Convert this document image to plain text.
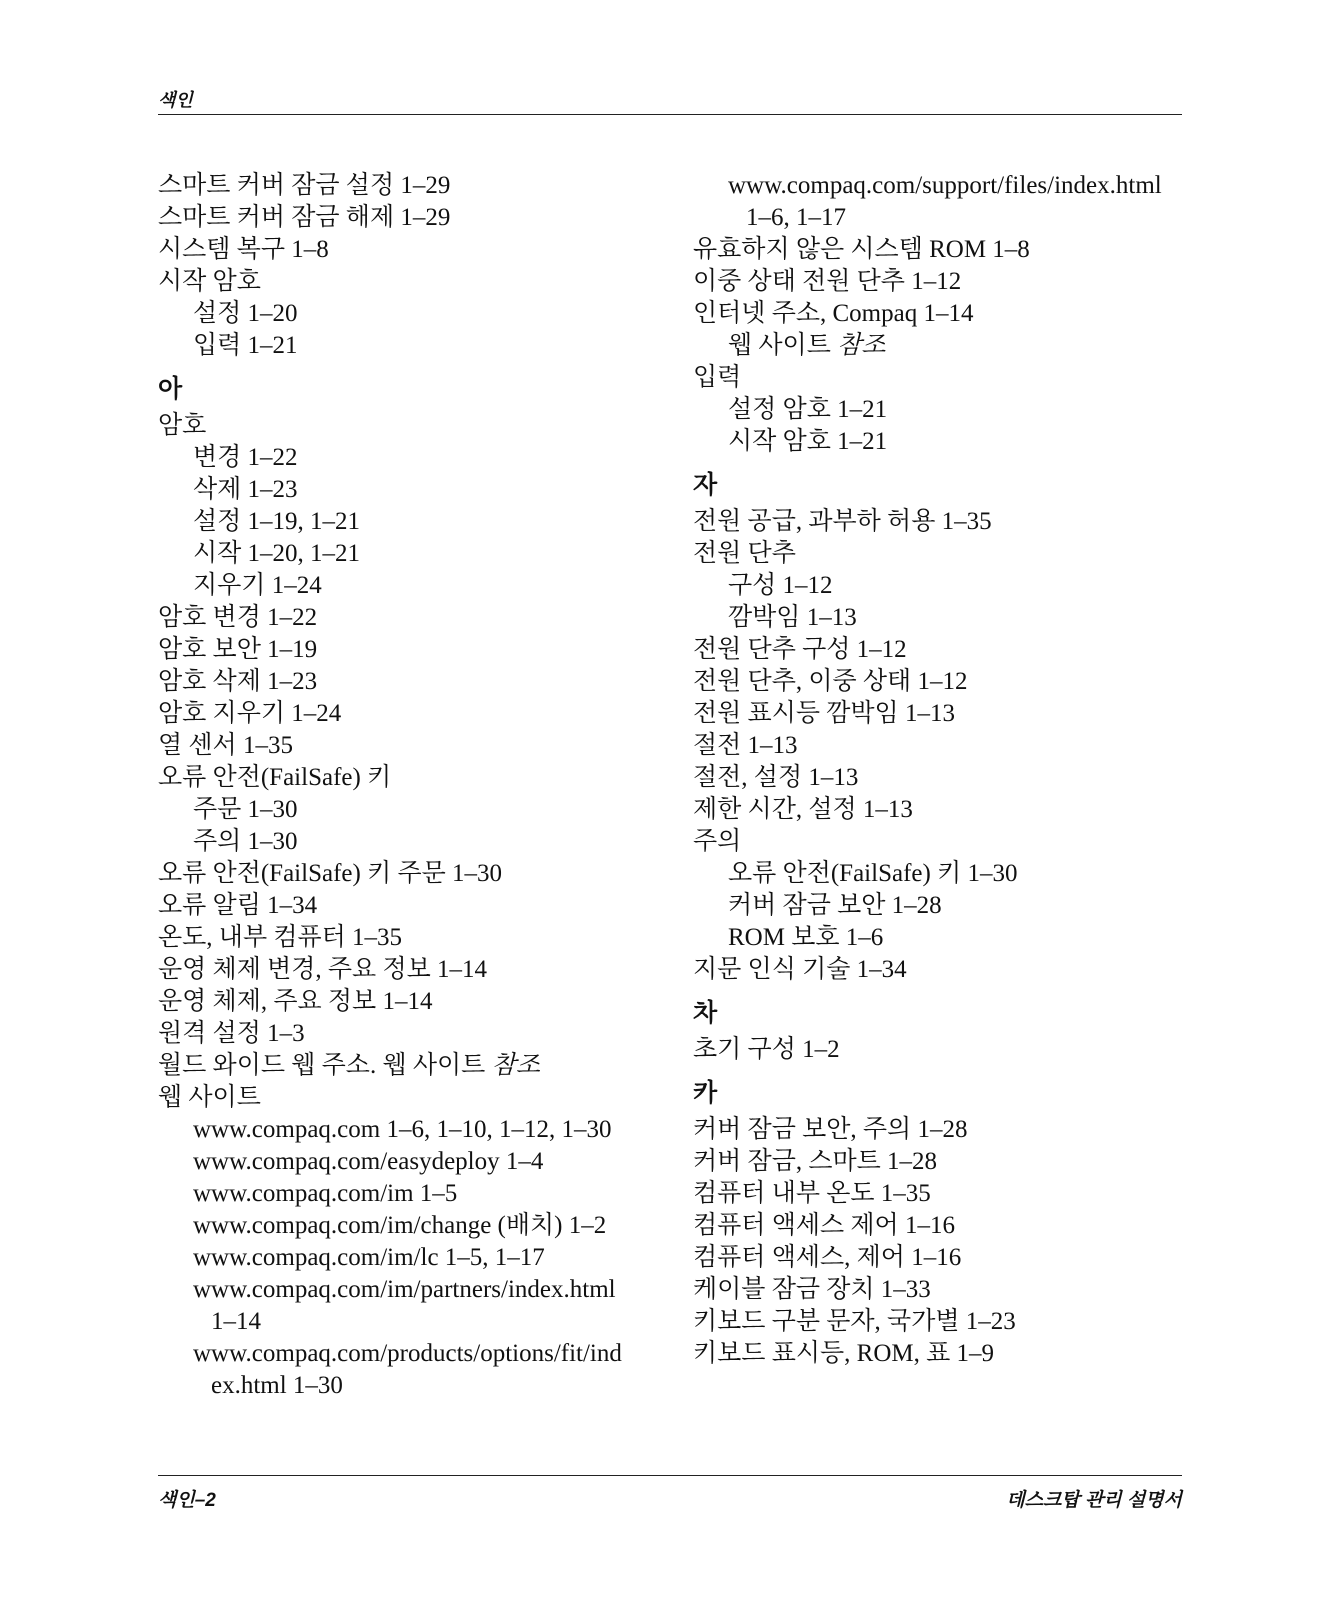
색인
스마트 커버 잠금 설정 1–29
스마트 커버 잠금 해제 1–29
시스템 복구 1–8
시작 암호
설정 1–20
입력 1–21
아
암호
변경 1–22
삭제 1–23
설정 1–19, 1–21
시작 1–20, 1–21
지우기 1–24
암호 변경 1–22
암호 보안 1–19
암호 삭제 1–23
암호 지우기 1–24
열 센서 1–35
오류 안전(FailSafe) 키
주문 1–30
주의 1–30
오류 안전(FailSafe) 키 주문 1–30
오류 알림 1–34
온도, 내부 컴퓨터 1–35
운영 체제 변경, 주요 정보 1–14
운영 체제, 주요 정보 1–14
원격 설정 1–3
월드 와이드 웹 주소. 웹 사이트 참조
웹 사이트
www.compaq.com 1–6, 1–10, 1–12, 1–30
www.compaq.com/easydeploy 1–4
www.compaq.com/im 1–5
www.compaq.com/im/change (배치) 1–2
www.compaq.com/im/lc 1–5, 1–17
www.compaq.com/im/partners/index.html
1–14
www.compaq.com/products/options/fit/ind
ex.html 1–30
www.compaq.com/support/files/index.html
1–6, 1–17
유효하지 않은 시스템 ROM 1–8
이중 상태 전원 단추 1–12
인터넷 주소, Compaq 1–14
웹 사이트 참조
입력
설정 암호 1–21
시작 암호 1–21
자
전원 공급, 과부하 허용 1–35
전원 단추
구성 1–12
깜박임 1–13
전원 단추 구성 1–12
전원 단추, 이중 상태 1–12
전원 표시등 깜박임 1–13
절전 1–13
절전, 설정 1–13
제한 시간, 설정 1–13
주의
오류 안전(FailSafe) 키 1–30
커버 잠금 보안 1–28
ROM 보호 1–6
지문 인식 기술 1–34
차
초기 구성 1–2
카
커버 잠금 보안, 주의 1–28
커버 잠금, 스마트 1–28
컴퓨터 내부 온도 1–35
컴퓨터 액세스 제어 1–16
컴퓨터 액세스, 제어 1–16
케이블 잠금 장치 1–33
키보드 구분 문자, 국가별 1–23
키보드 표시등, ROM, 표 1–9
색인–2	데스크탑 관리 설명서
